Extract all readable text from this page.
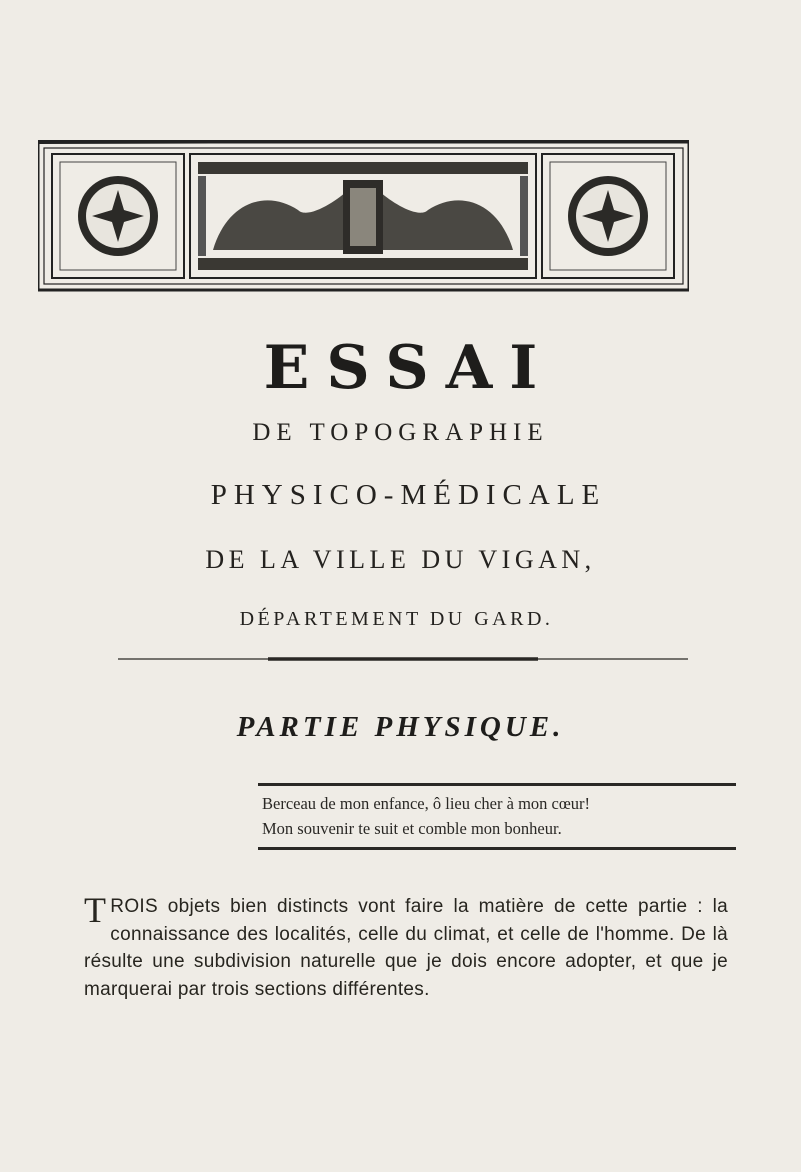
ESSAI
DE TOPOGRAPHIE
PHYSICO-MÉDICALE
DE LA VILLE DU VIGAN,
DÉPARTEMENT DU GARD.
PARTIE PHYSIQUE.
Berceau de mon enfance, ô lieu cher à mon cœur!
Mon souvenir te suit et comble mon bonheur.
TROIS objets bien distincts vont faire la matière de cette partie : la connaissance des localités, celle du climat, et celle de l'homme. De là résulte une subdivision naturelle que je dois encore adopter, et que je marquerai par trois sections différentes.
